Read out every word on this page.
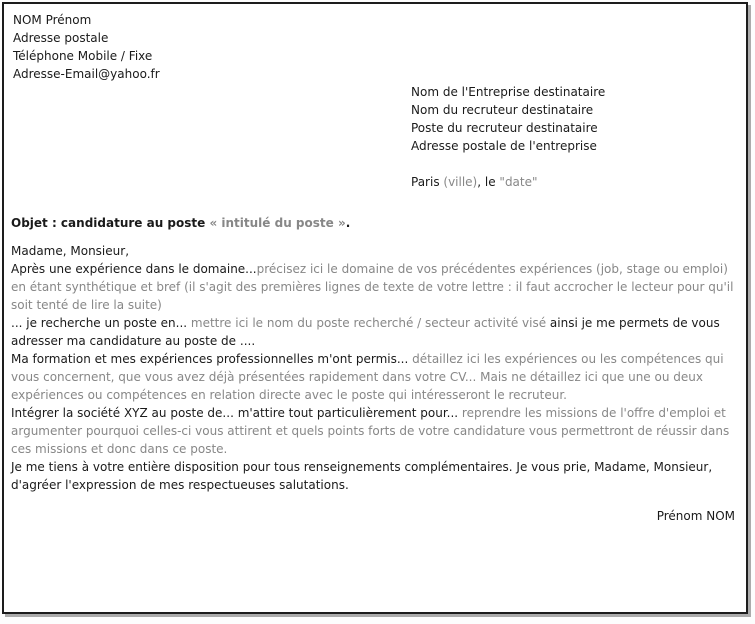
NOM Prénom
Adresse postale
Téléphone Mobile / Fixe
Adresse-Email@yahoo.fr
Nom de l'Entreprise destinataire
Nom du recruteur destinataire
Poste du recruteur destinataire
Adresse postale de l'entreprise
Paris (ville), le "date"
Objet : candidature au poste « intitulé du poste ».
Madame, Monsieur,

Après une expérience dans le domaine...précisez ici le domaine de vos précédentes expériences (job, stage ou emploi) en étant synthétique et bref (il s'agit des premières lignes de texte de votre lettre : il faut accrocher le lecteur pour qu'il soit tenté de lire la suite)
... je recherche un poste en... mettre ici le nom du poste recherché / secteur activité visé ainsi je me permets de vous adresser ma candidature au poste de ....

Ma formation et mes expériences professionnelles m'ont permis... détaillez ici les expériences ou les compétences qui vous concernent, que vous avez déjà présentées rapidement dans votre CV... Mais ne détaillez ici que une ou deux expériences ou compétences en relation directe avec le poste qui intéresseront le recruteur.

Intégrer la société XYZ au poste de... m'attire tout particulièrement pour... reprendre les missions de l'offre d'emploi et argumenter pourquoi celles-ci vous attirent et quels points forts de votre candidature vous permettront de réussir dans ces missions et donc dans ce poste.

Je me tiens à votre entière disposition pour tous renseignements complémentaires. Je vous prie, Madame, Monsieur, d'agréer l'expression de mes respectueuses salutations.

Prénom NOM
